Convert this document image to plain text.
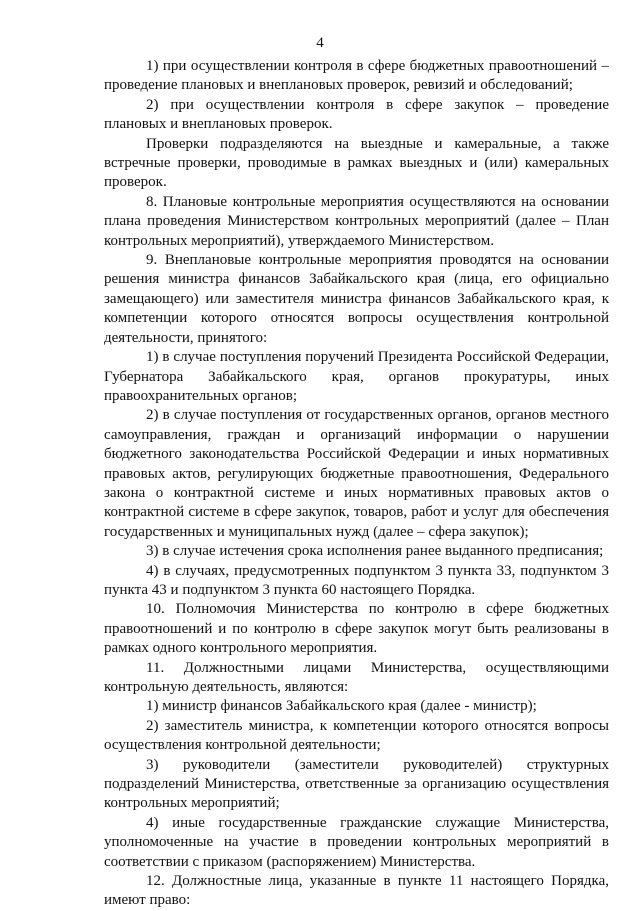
4

1) при осуществлении контроля в сфере бюджетных правоотношений – проведение плановых и внеплановых проверок, ревизий и обследований;

2) при осуществлении контроля в сфере закупок – проведение плановых и внеплановых проверок.

Проверки подразделяются на выездные и камеральные, а также встречные проверки, проводимые в рамках выездных и (или) камеральных проверок.

8. Плановые контрольные мероприятия осуществляются на основании плана проведения Министерством контрольных мероприятий (далее – План контрольных мероприятий), утверждаемого Министерством.

9. Внеплановые контрольные мероприятия проводятся на основании решения министра финансов Забайкальского края (лица, его официально замещающего) или заместителя министра финансов Забайкальского края, к компетенции которого относятся вопросы осуществления контрольной деятельности, принятого:

1) в случае поступления поручений Президента Российской Федерации, Губернатора Забайкальского края, органов прокуратуры, иных правоохранительных органов;

2) в случае поступления от государственных органов, органов местного самоуправления, граждан и организаций информации о нарушении бюджетного законодательства Российской Федерации и иных нормативных правовых актов, регулирующих бюджетные правоотношения, Федерального закона о контрактной системе и иных нормативных правовых актов о контрактной системе в сфере закупок, товаров, работ и услуг для обеспечения государственных и муниципальных нужд (далее – сфера закупок);

3) в случае истечения срока исполнения ранее выданного предписания;

4) в случаях, предусмотренных подпунктом 3 пункта 33, подпунктом 3 пункта 43 и подпунктом 3 пункта 60 настоящего Порядка.

10. Полномочия Министерства по контролю в сфере бюджетных правоотношений и по контролю в сфере закупок могут быть реализованы в рамках одного контрольного мероприятия.

11. Должностными лицами Министерства, осуществляющими контрольную деятельность, являются:

1) министр финансов Забайкальского края (далее - министр);

2) заместитель министра, к компетенции которого относятся вопросы осуществления контрольной деятельности;

3) руководители (заместители руководителей) структурных подразделений Министерства, ответственные за организацию осуществления контрольных мероприятий;

4) иные государственные гражданские служащие Министерства, уполномоченные на участие в проведении контрольных мероприятий в соответствии с приказом (распоряжением) Министерства.

12. Должностные лица, указанные в пункте 11 настоящего Порядка, имеют право:
